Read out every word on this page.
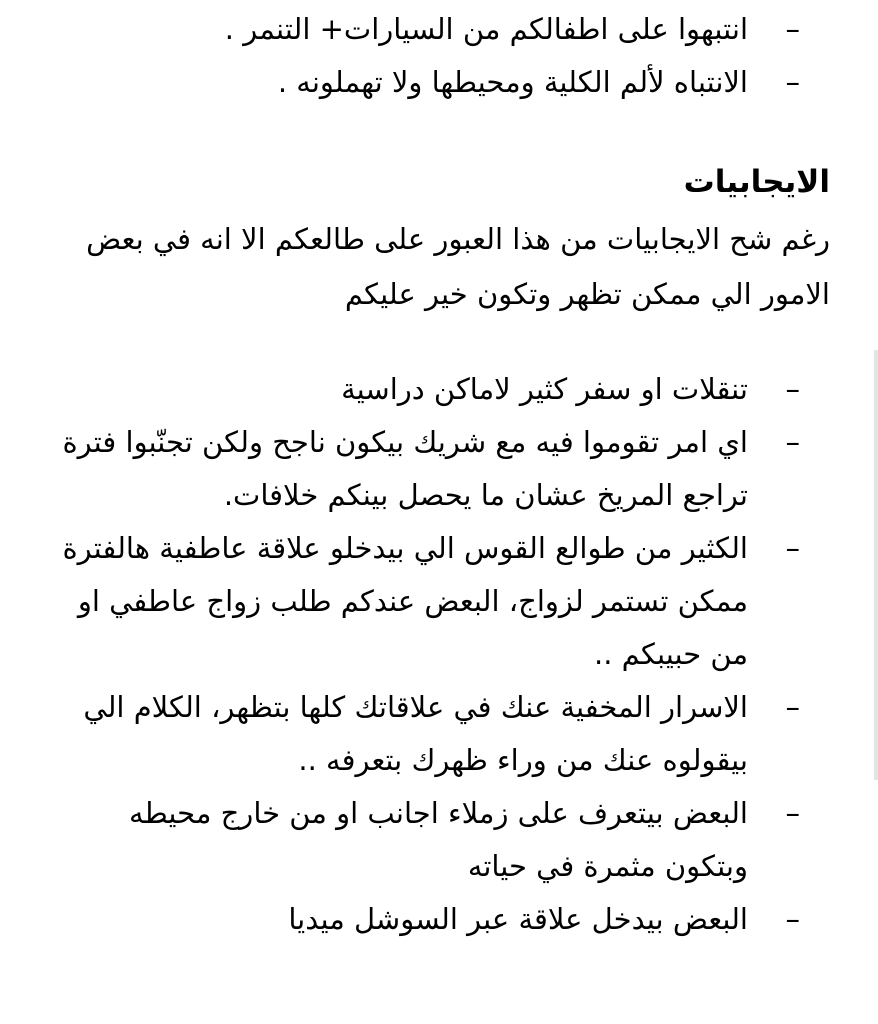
–
انتبهوا على اطفالكم من السيارات+ التنمر .
–
الانتباه لألم الكلية ومحيطها ولا تهملونه .
الايجابيات

رغم شح الايجابيات من هذا العبور على طالعكم الا انه في بعض الامور الي ممكن تظهر وتكون خير عليكم

–
تنقلات او سفر كثير لاماكن دراسية
–
اي امر تقوموا فيه مع شريك بيكون ناجح ولكن تجنّبوا فترة تراجع المريخ عشان ما يحصل بينكم خلافات.
–
الكثير من طوالع القوس الي بيدخلو علاقة عاطفية هالفترة ممكن تستمر لزواج، البعض عندكم طلب زواج عاطفي او من حبيبكم ..
–
الاسرار المخفية عنك في علاقاتك كلها بتظهر، الكلام الي بيقولوه عنك من وراء ظهرك بتعرفه ..
–
البعض بيتعرف على زملاء اجانب او من خارج محيطه وبتكون مثمرة في حياته
–
البعض بيدخل علاقة عبر السوشل ميديا
